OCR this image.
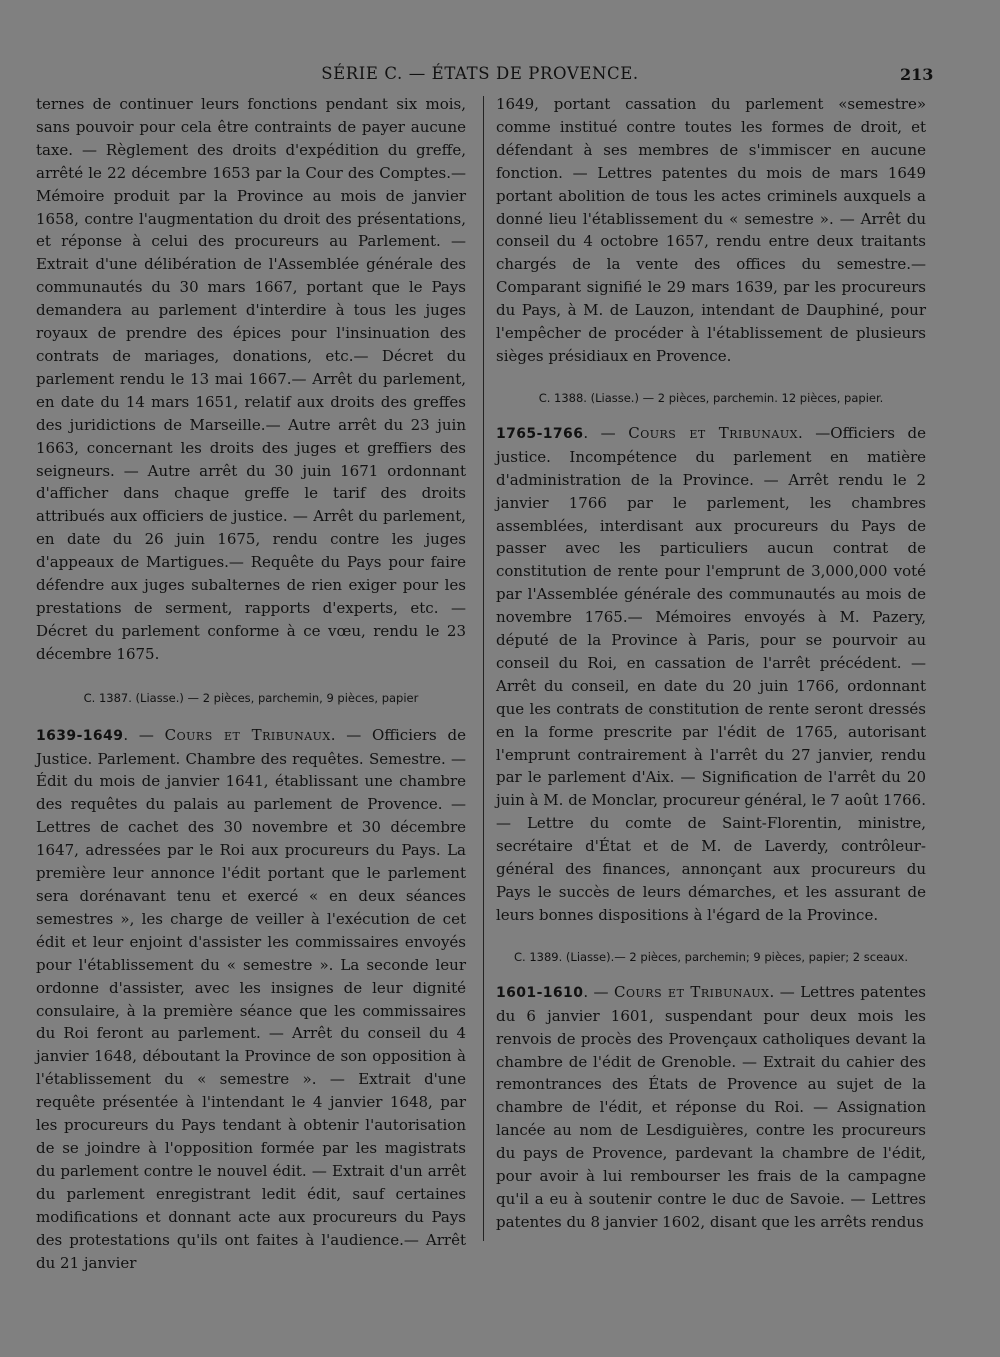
SÉRIE C. — ÉTATS DE PROVENCE.	213

ternes de continuer leurs fonctions pendant six mois, sans pouvoir pour cela être contraints de payer aucune taxe. — Règlement des droits d'expédition du greffe, arrêté le 22 décembre 1653 par la Cour des Comptes.— Mémoire produit par la Province au mois de janvier 1658, contre l'augmentation du droit des présentations, et réponse à celui des procureurs au Parlement. — Extrait d'une délibération de l'Assemblée générale des communautés du 30 mars 1667, portant que le Pays demandera au parlement d'interdire à tous les juges royaux de prendre des épices pour l'insinuation des contrats de mariages, donations, etc.— Décret du parlement rendu le 13 mai 1667.— Arrêt du parlement, en date du 14 mars 1651, relatif aux droits des greffes des juridictions de Marseille.— Autre arrêt du 23 juin 1663, concernant les droits des juges et greffiers des seigneurs. — Autre arrêt du 30 juin 1671 ordonnant d'afficher dans chaque greffe le tarif des droits attribués aux officiers de justice. — Arrêt du parlement, en date du 26 juin 1675, rendu contre les juges d'appeaux de Martigues.— Requête du Pays pour faire défendre aux juges subalternes de rien exiger pour les prestations de serment, rapports d'experts, etc. — Décret du parlement conforme à ce vœu, rendu le 23 décembre 1675.

C. 1387. (Liasse.) — 2 pièces, parchemin, 9 pièces, papier

1639-1649. — Cours et Tribunaux. — Officiers de Justice. Parlement. Chambre des requêtes. Semestre. — Édit du mois de janvier 1641, établissant une chambre des requêtes du palais au parlement de Provence. — Lettres de cachet des 30 novembre et 30 décembre 1647, adressées par le Roi aux procureurs du Pays. La première leur annonce l'édit portant que le parlement sera dorénavant tenu et exercé « en deux séances semestres », les charge de veiller à l'exécution de cet édit et leur enjoint d'assister les commissaires envoyés pour l'établissement du « semestre ». La seconde leur ordonne d'assister, avec les insignes de leur dignité consulaire, à la première séance que les commissaires du Roi feront au parlement. — Arrêt du conseil du 4 janvier 1648, déboutant la Province de son opposition à l'établissement du « semestre ». — Extrait d'une requête présentée à l'intendant le 4 janvier 1648, par les procureurs du Pays tendant à obtenir l'autorisation de se joindre à l'opposition formée par les magistrats du parlement contre le nouvel édit. — Extrait d'un arrêt du parlement enregistrant ledit édit, sauf certaines modifications et donnant acte aux procureurs du Pays des protestations qu'ils ont faites à l'audience.— Arrêt du 21 janvier

1649, portant cassation du parlement «semestre» comme institué contre toutes les formes de droit, et défendant à ses membres de s'immiscer en aucune fonction. — Lettres patentes du mois de mars 1649 portant abolition de tous les actes criminels auxquels a donné lieu l'établissement du « semestre ». — Arrêt du conseil du 4 octobre 1657, rendu entre deux traitants chargés de la vente des offices du semestre.— Comparant signifié le 29 mars 1639, par les procureurs du Pays, à M. de Lauzon, intendant de Dauphiné, pour l'empêcher de procéder à l'établissement de plusieurs sièges présidiaux en Provence.

C. 1388. (Liasse.) — 2 pièces, parchemin. 12 pièces, papier.

1765-1766. — Cours et Tribunaux. —Officiers de justice. Incompétence du parlement en matière d'administration de la Province. — Arrêt rendu le 2 janvier 1766 par le parlement, les chambres assemblées, interdisant aux procureurs du Pays de passer avec les particuliers aucun contrat de constitution de rente pour l'emprunt de 3,000,000 voté par l'Assemblée générale des communautés au mois de novembre 1765.— Mémoires envoyés à M. Pazery, député de la Province à Paris, pour se pourvoir au conseil du Roi, en cassation de l'arrêt précédent. — Arrêt du conseil, en date du 20 juin 1766, ordonnant que les contrats de constitution de rente seront dressés en la forme prescrite par l'édit de 1765, autorisant l'emprunt contrairement à l'arrêt du 27 janvier, rendu par le parlement d'Aix. — Signification de l'arrêt du 20 juin à M. de Monclar, procureur général, le 7 août 1766.— Lettre du comte de Saint-Florentin, ministre, secrétaire d'État et de M. de Laverdy, contrôleur-général des finances, annonçant aux procureurs du Pays le succès de leurs démarches, et les assurant de leurs bonnes dispositions à l'égard de la Province.

C. 1389. (Liasse).— 2 pièces, parchemin; 9 pièces, papier; 2 sceaux.

1601-1610. — Cours et Tribunaux. — Lettres patentes du 6 janvier 1601, suspendant pour deux mois les renvois de procès des Provençaux catholiques devant la chambre de l'édit de Grenoble. — Extrait du cahier des remontrances des États de Provence au sujet de la chambre de l'édit, et réponse du Roi. — Assignation lancée au nom de Lesdiguières, contre les procureurs du pays de Provence, pardevant la chambre de l'édit, pour avoir à lui rembourser les frais de la campagne qu'il a eu à soutenir contre le duc de Savoie. — Lettres patentes du 8 janvier 1602, disant que les arrêts rendus
